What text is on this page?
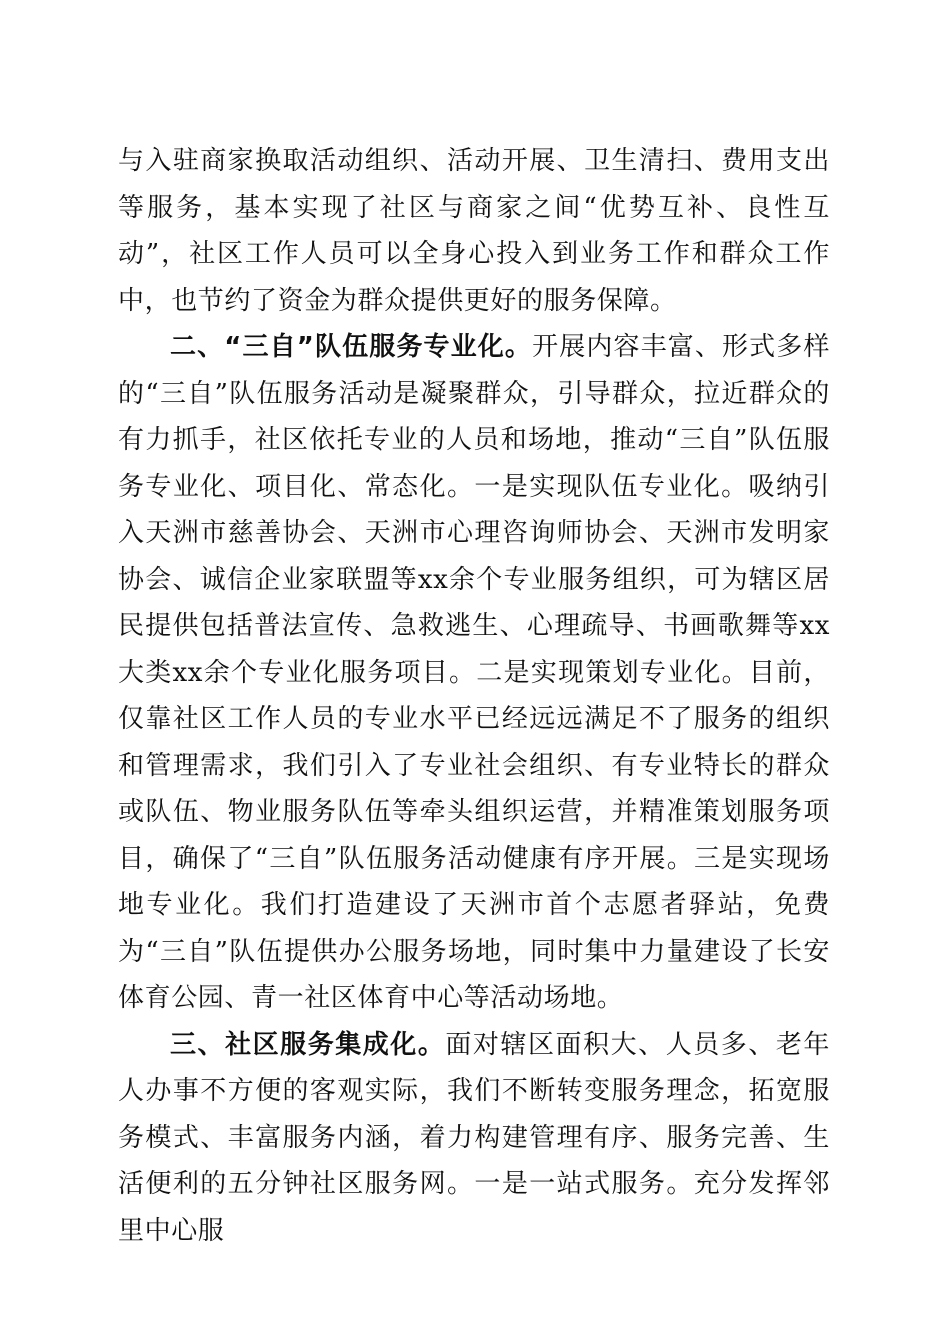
与入驻商家换取活动组织、活动开展、卫生清扫、费用支出等服务，基本实现了社区与商家之间“优势互补、良性互动”，社区工作人员可以全身心投入到业务工作和群众工作中，也节约了资金为群众提供更好的服务保障。

二、“三自”队伍服务专业化。开展内容丰富、形式多样的“三自”队伍服务活动是凝聚群众，引导群众，拉近群众的有力抓手，社区依托专业的人员和场地，推动“三自”队伍服务专业化、项目化、常态化。一是实现队伍专业化。吸纳引入天洲市慈善协会、天洲市心理咨询师协会、天洲市发明家协会、诚信企业家联盟等xx余个专业服务组织，可为辖区居民提供包括普法宣传、急救逃生、心理疏导、书画歌舞等xx大类xx余个专业化服务项目。二是实现策划专业化。目前，仅靠社区工作人员的专业水平已经远远满足不了服务的组织和管理需求，我们引入了专业社会组织、有专业特长的群众或队伍、物业服务队伍等牵头组织运营，并精准策划服务项目，确保了“三自”队伍服务活动健康有序开展。三是实现场地专业化。我们打造建设了天洲市首个志愿者驿站，免费为“三自”队伍提供办公服务场地，同时集中力量建设了长安体育公园、青一社区体育中心等活动场地。

三、社区服务集成化。面对辖区面积大、人员多、老年人办事不方便的客观实际，我们不断转变服务理念，拓宽服务模式、丰富服务内涵，着力构建管理有序、服务完善、生活便利的五分钟社区服务网。一是一站式服务。充分发挥邻里中心服
